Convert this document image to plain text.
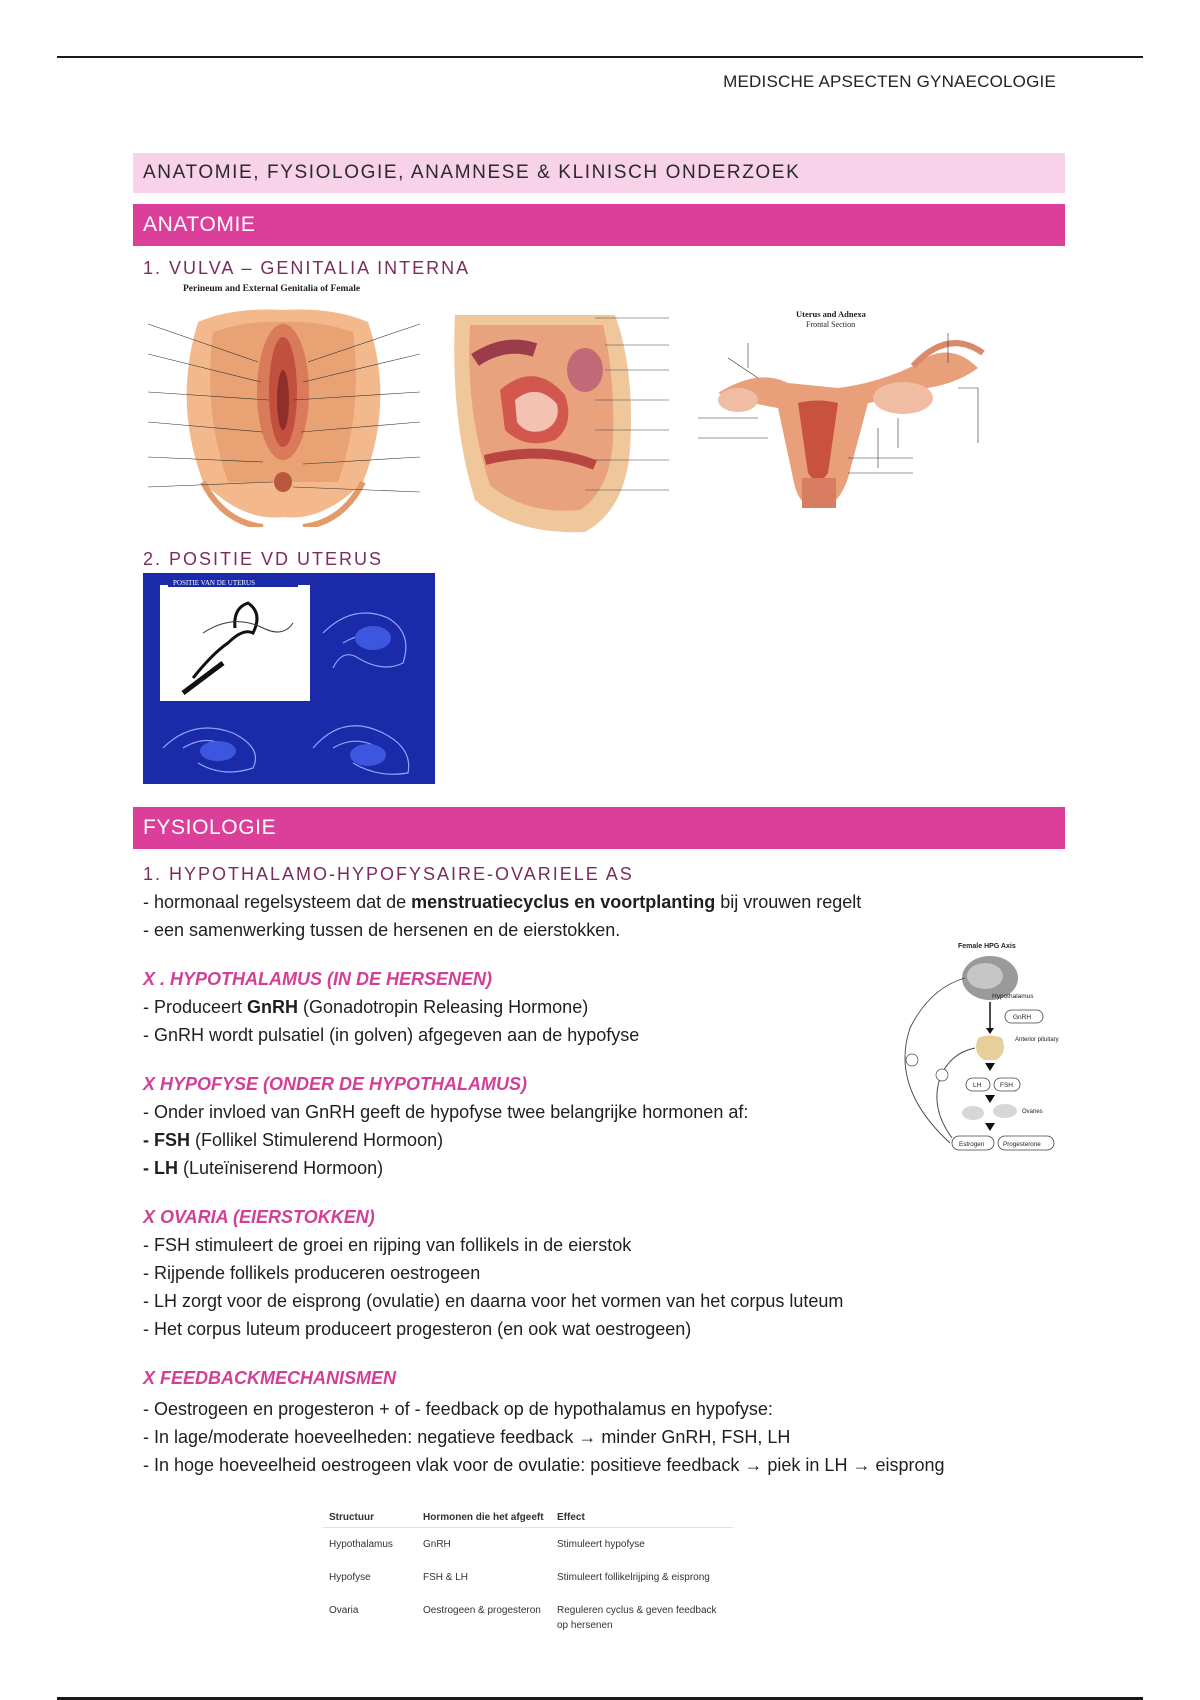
MEDISCHE APSECTEN GYNAECOLOGIE
ANATOMIE, FYSIOLOGIE, ANAMNESE & KLINISCH ONDERZOEK
ANATOMIE
1. VULVA – GENITALIA INTERNA
Perineum and External Genitalia of Female
Uterus and Adnexa
Frontal Section
2. POSITIE VD UTERUS
POSITIE VAN DE UTERUS
FYSIOLOGIE
1. HYPOTHALAMO-HYPOFYSAIRE-OVARIELE AS
- hormonaal regelsysteem dat de menstruatiecyclus en voortplanting bij vrouwen regelt
- een samenwerking tussen de hersenen en de eierstokken.
X . HYPOTHALAMUS (IN DE HERSENEN)
- Produceert GnRH (Gonadotropin Releasing Hormone)
- GnRH wordt pulsatiel (in golven) afgegeven aan de hypofyse
X HYPOFYSE (ONDER DE HYPOTHALAMUS)
- Onder invloed van GnRH geeft de hypofyse twee belangrijke hormonen af:
- FSH (Follikel Stimulerend Hormoon)
- LH (Luteïniserend Hormoon)
X OVARIA (EIERSTOKKEN)
- FSH stimuleert de groei en rijping van follikels in de eierstok
- Rijpende follikels produceren oestrogeen
- LH zorgt voor de eisprong (ovulatie) en daarna voor het vormen van het corpus luteum
- Het corpus luteum produceert progesteron (en ook wat oestrogeen)
X FEEDBACKMECHANISMEN
- Oestrogeen en progesteron + of - feedback op de hypothalamus en hypofyse:
- In lage/moderate hoeveelheden: negatieve feedback → minder GnRH, FSH, LH
- In hoge hoeveelheid oestrogeen vlak voor de ovulatie: positieve feedback → piek in LH → eisprong
Female HPG Axis
Hypothalamus
GnRH
Anterior pituitary
LH	FSH
Ovaries
Estrogen	Progesterone
Structuur	Hormonen die het afgeeft	Effect
Hypothalamus	GnRH	Stimuleert hypofyse
Hypofyse	FSH & LH	Stimuleert follikelrijping & eisprong
Ovaria	Oestrogeen & progesteron	Reguleren cyclus & geven feedback op hersenen
